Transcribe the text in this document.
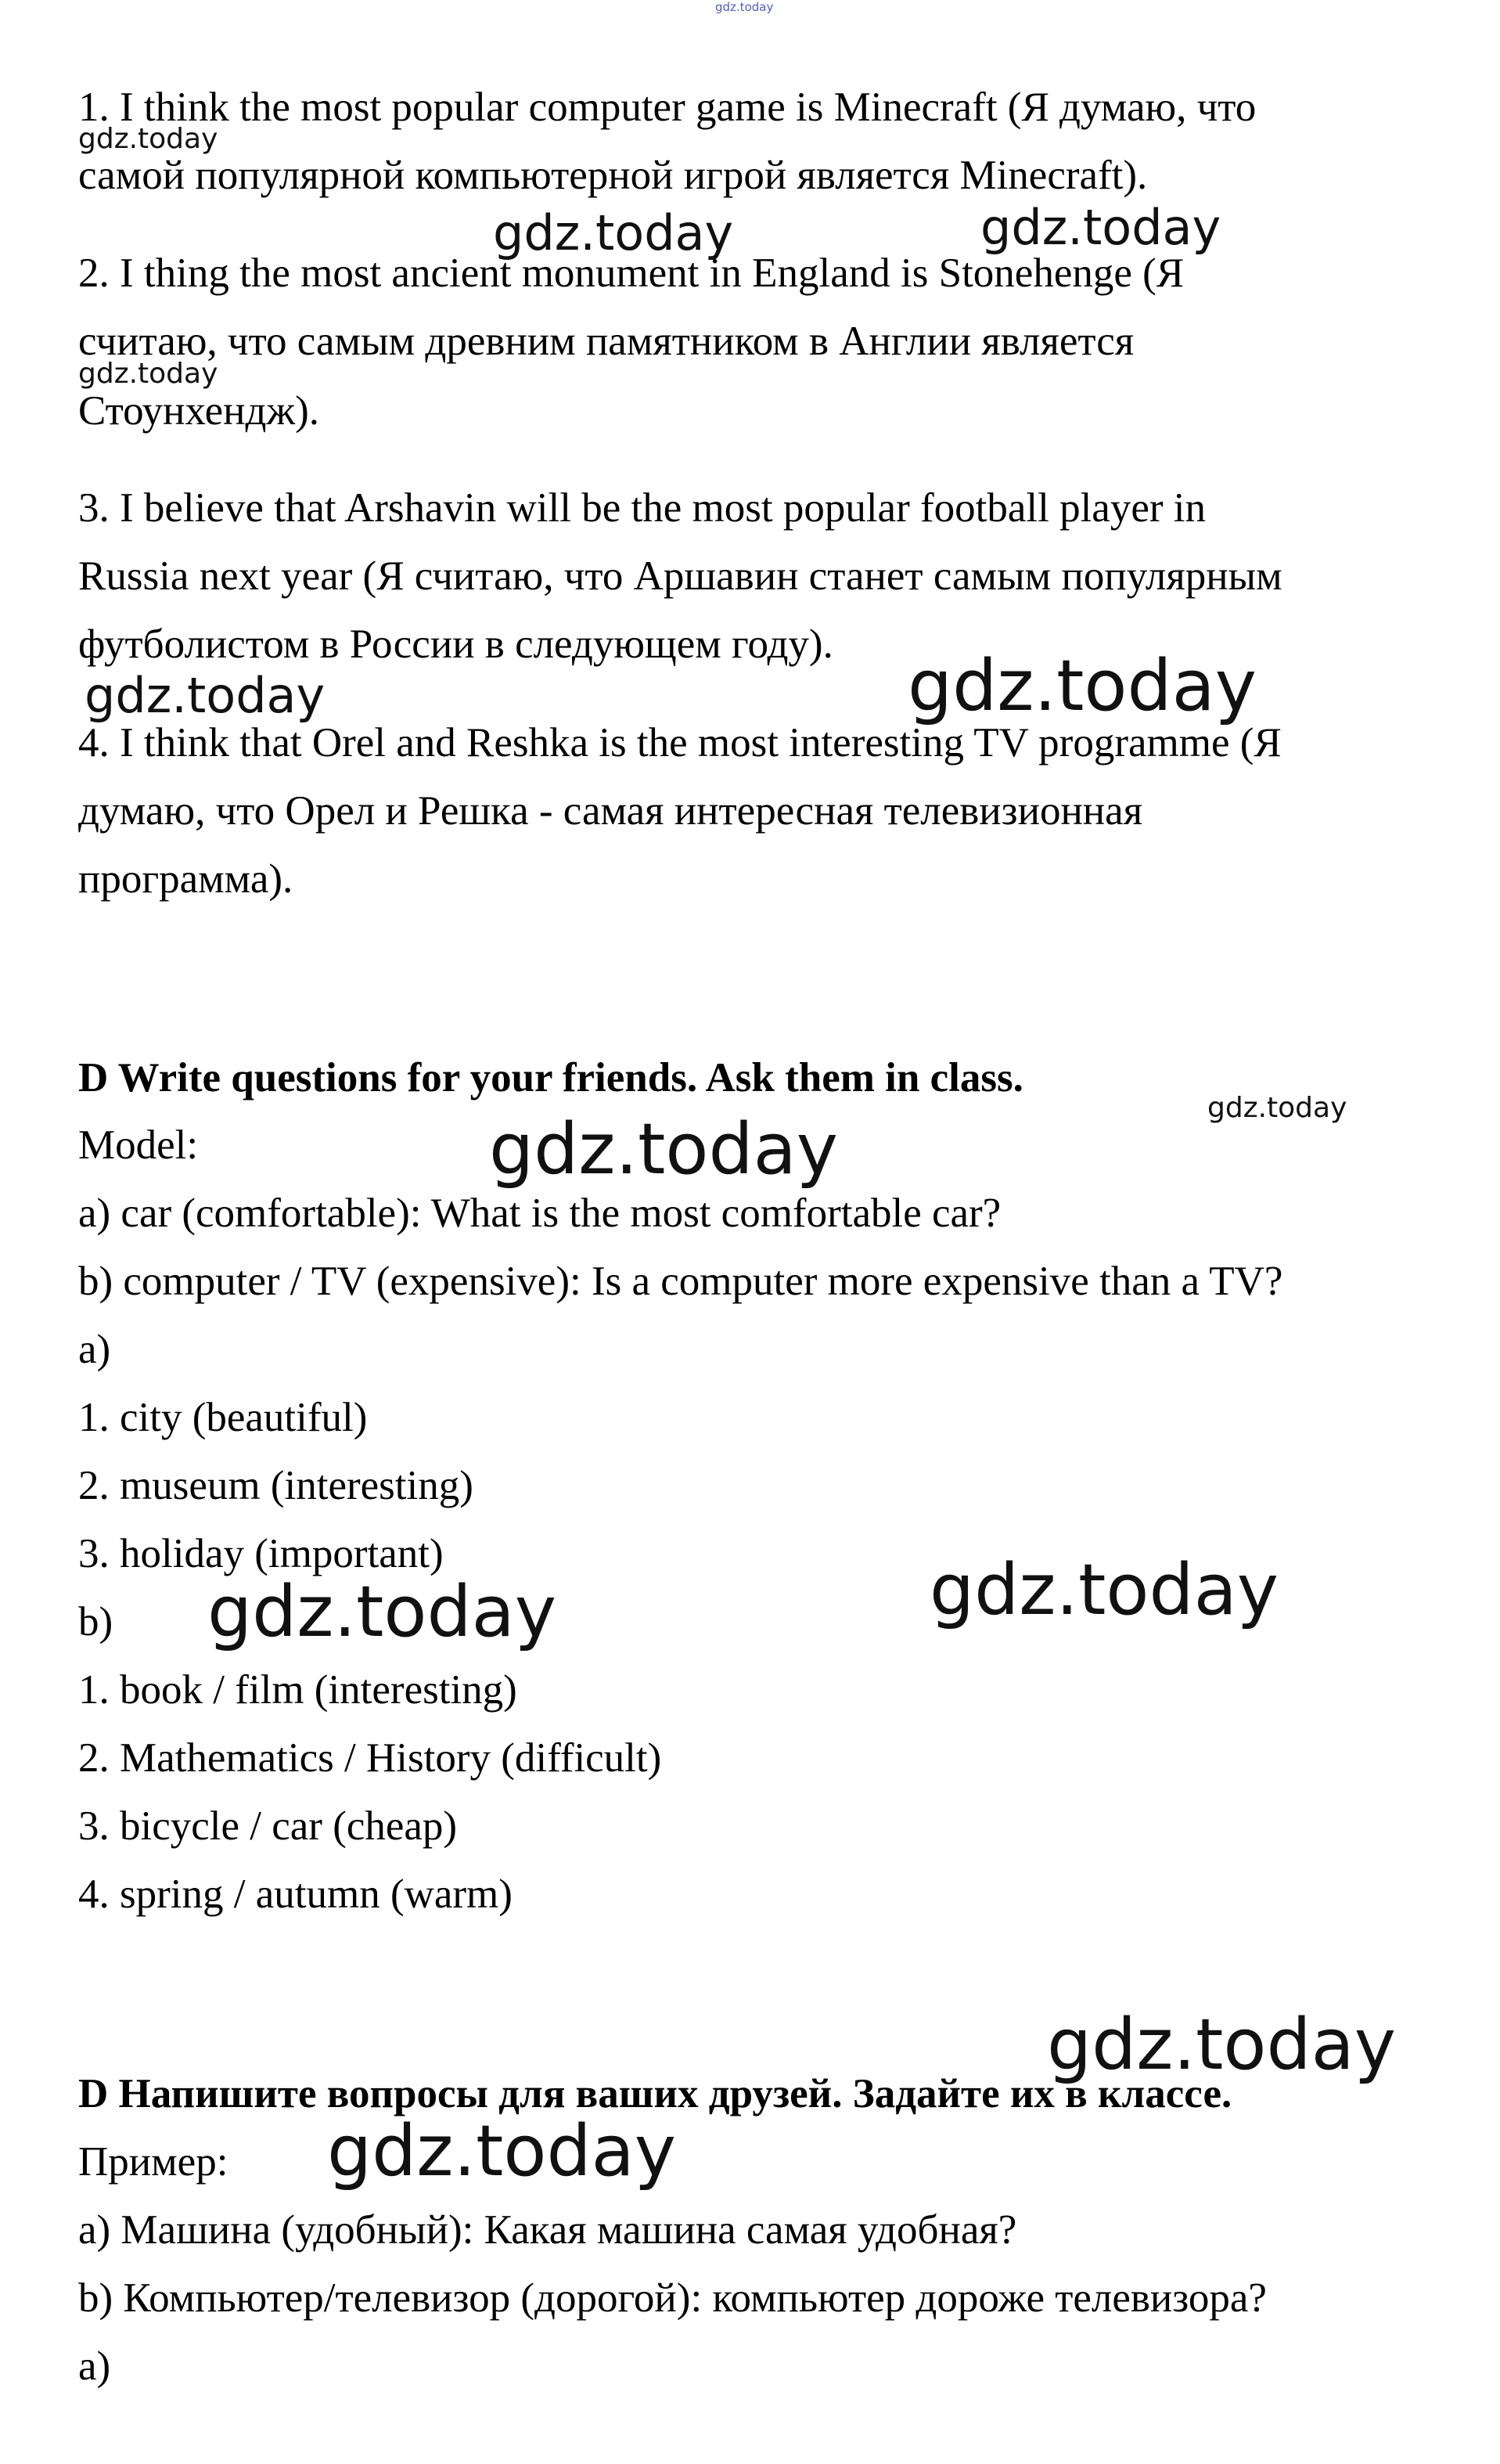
gdz.today
1. I think the most popular computer game is Minecraft (Я думаю, что
gdz.today
самой популярной компьютерной игрой является Minecraft).
gdz.today	gdz.today
2. I thing the most ancient monument in England is Stonehenge (Я
считаю, что самым древним памятником в Англии является
gdz.today
Стоунхендж).
3. I believe that Arshavin will be the most popular football player in
Russia next year (Я считаю, что Аршавин станет самым популярным
футболистом в России в следующем году).
gdz.today	gdz.today
4. I think that Orel and Reshka is the most interesting TV programme (Я
думаю, что Орел и Решка - самая интересная телевизионная
программа).
D Write questions for your friends. Ask them in class.
gdz.today
Model:	gdz.today
a) car (comfortable): What is the most comfortable car?
b) computer / TV (expensive): Is a computer more expensive than a TV?
a)
1. city (beautiful)
2. museum (interesting)
3. holiday (important)	gdz.today
b) gdz.today
1. book / film (interesting)
2. Mathematics / History (difficult)
3. bicycle / car (cheap)
4. spring / autumn (warm)
gdz.today
D Напишите вопросы для ваших друзей. Задайте их в классе.
Пример: gdz.today
a) Машина (удобный): Какая машина самая удобная?
b) Компьютер/телевизор (дорогой): компьютер дороже телевизора?
a)
